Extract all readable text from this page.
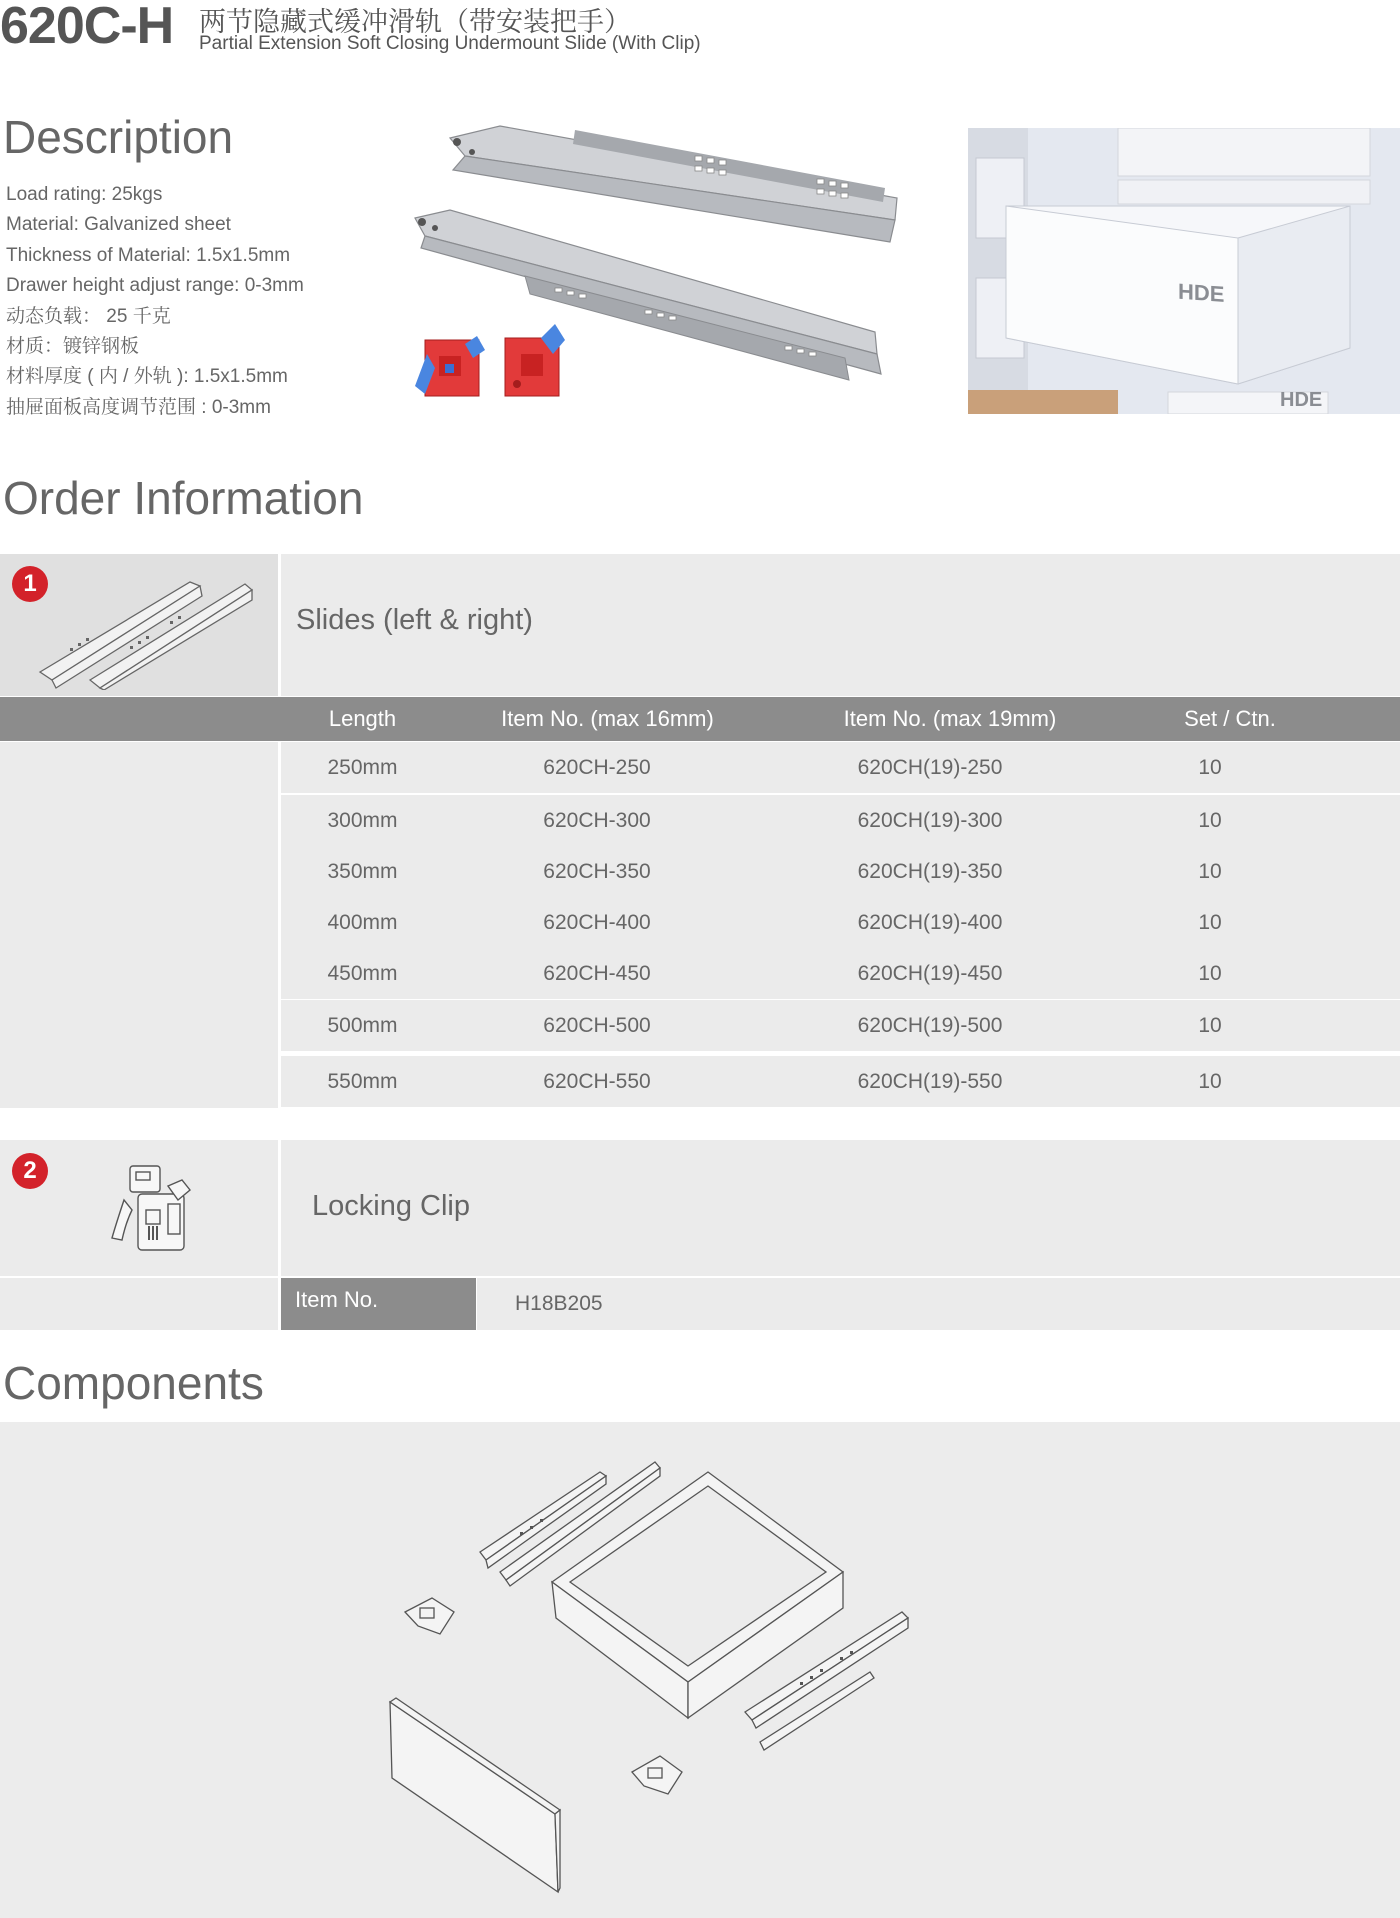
620C-H 两节隐藏式缓冲滑轨（带安装把手）
Partial Extension Soft Closing Undermount Slide (With Clip)
Description
Load rating: 25kgs
Material: Galvanized sheet
Thickness of Material: 1.5x1.5mm
Drawer height adjust range: 0-3mm
动态负载： 25 千克
材质：镀锌钢板
材料厚度 ( 内 / 外轨 ): 1.5x1.5mm
抽屉面板高度调节范围 : 0-3mm
HDE
HDE
Order Information
1
Slides (left & right)
Length	Item No. (max 16mm)	Item No. (max 19mm)	Set / Ctn.
250mm	620CH-250	620CH(19)-250	10
300mm	620CH-300	620CH(19)-300	10
350mm	620CH-350	620CH(19)-350	10
400mm	620CH-400	620CH(19)-400	10
450mm	620CH-450	620CH(19)-450	10
500mm	620CH-500	620CH(19)-500	10
550mm	620CH-550	620CH(19)-550	10
2
Locking Clip
Item No.	H18B205
Components
